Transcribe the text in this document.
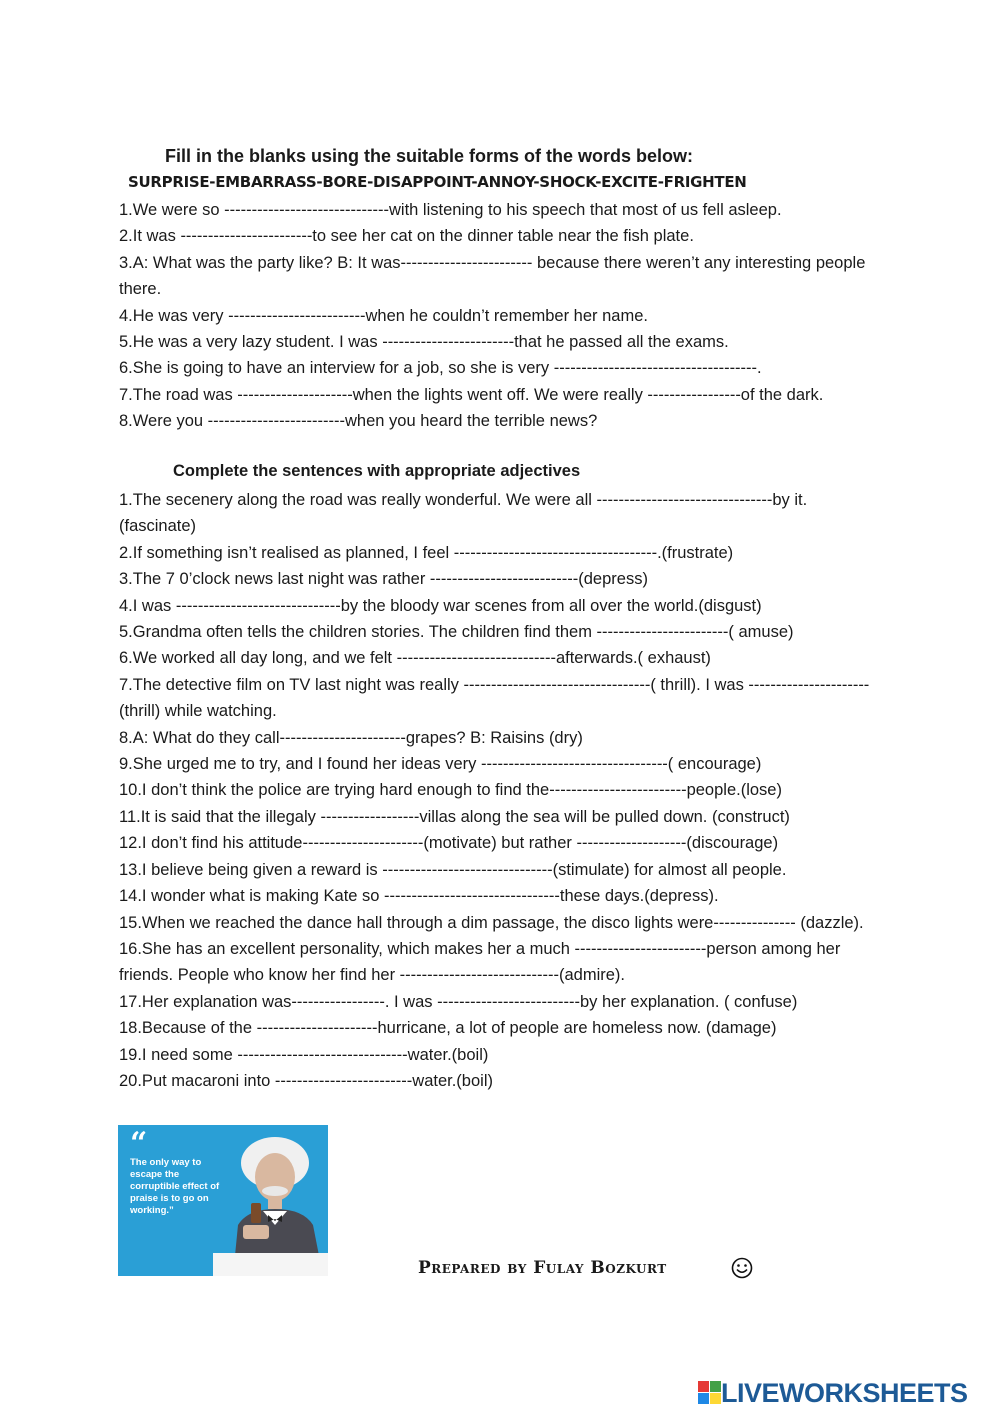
Fill in the blanks using the suitable forms of the words below:
SURPRISE-EMBARRASS-BORE-DISAPPOINT-ANNOY-SHOCK-EXCITE-FRIGHTEN

1.We were so ------------------------------with listening to his speech that most of us fell asleep.

2.It was ------------------------to see her cat on the dinner table near the fish plate.

3.A: What was the party like? B: It was------------------------ because there weren’t any interesting people there.

4.He was very -------------------------when he couldn’t remember her name.

5.He was a very lazy student. I was ------------------------that he passed all the exams.

6.She is going to have an interview for a job, so she is very -------------------------------------.

7.The road was ---------------------when the lights went off. We were really -----------------of the dark.

8.Were you -------------------------when you heard the terrible news?

Complete the sentences with appropriate adjectives

1.The secenery along the road was really wonderful. We were all --------------------------------by it.(fascinate)

2.If something isn’t realised as planned, I feel -------------------------------------.(frustrate)

3.The 7 0’clock news last night was rather ---------------------------(depress)

4.I was ------------------------------by the bloody war scenes from all over the world.(disgust)

5.Grandma often tells the children stories. The children find them ------------------------( amuse)

6.We worked all day long, and we felt -----------------------------afterwards.( exhaust)

7.The detective film on TV last night was really ----------------------------------( thrill). I was ----------------------(thrill) while watching.

8.A: What do they call-----------------------grapes? B: Raisins (dry)

9.She urged me to try, and I found her ideas very ----------------------------------( encourage)

10.I don’t think the police are trying hard enough to find the-------------------------people.(lose)

11.It is said that the illegaly ------------------villas along the sea will be pulled down. (construct)

12.I don’t find his attitude----------------------(motivate) but rather --------------------(discourage)

13.I believe being given a reward is -------------------------------(stimulate) for almost all people.

14.I wonder what is making Kate so --------------------------------these days.(depress).

15.When we reached the dance hall through a dim passage, the disco lights were--------------- (dazzle).

16.She has an excellent personality, which makes her a much ------------------------person among her friends. People who know her find her -----------------------------(admire).

17.Her explanation was-----------------. I was --------------------------by her explanation. ( confuse)

18.Because of the ----------------------hurricane, a lot of people are homeless now. (damage)

19.I need some -------------------------------water.(boil)

20.Put macaroni into -------------------------water.(boil)

“
The only way to escape the corruptible effect of praise is to go on working.”
Prepared by Fulay Bozkurt
LIVEWORKSHEETS
